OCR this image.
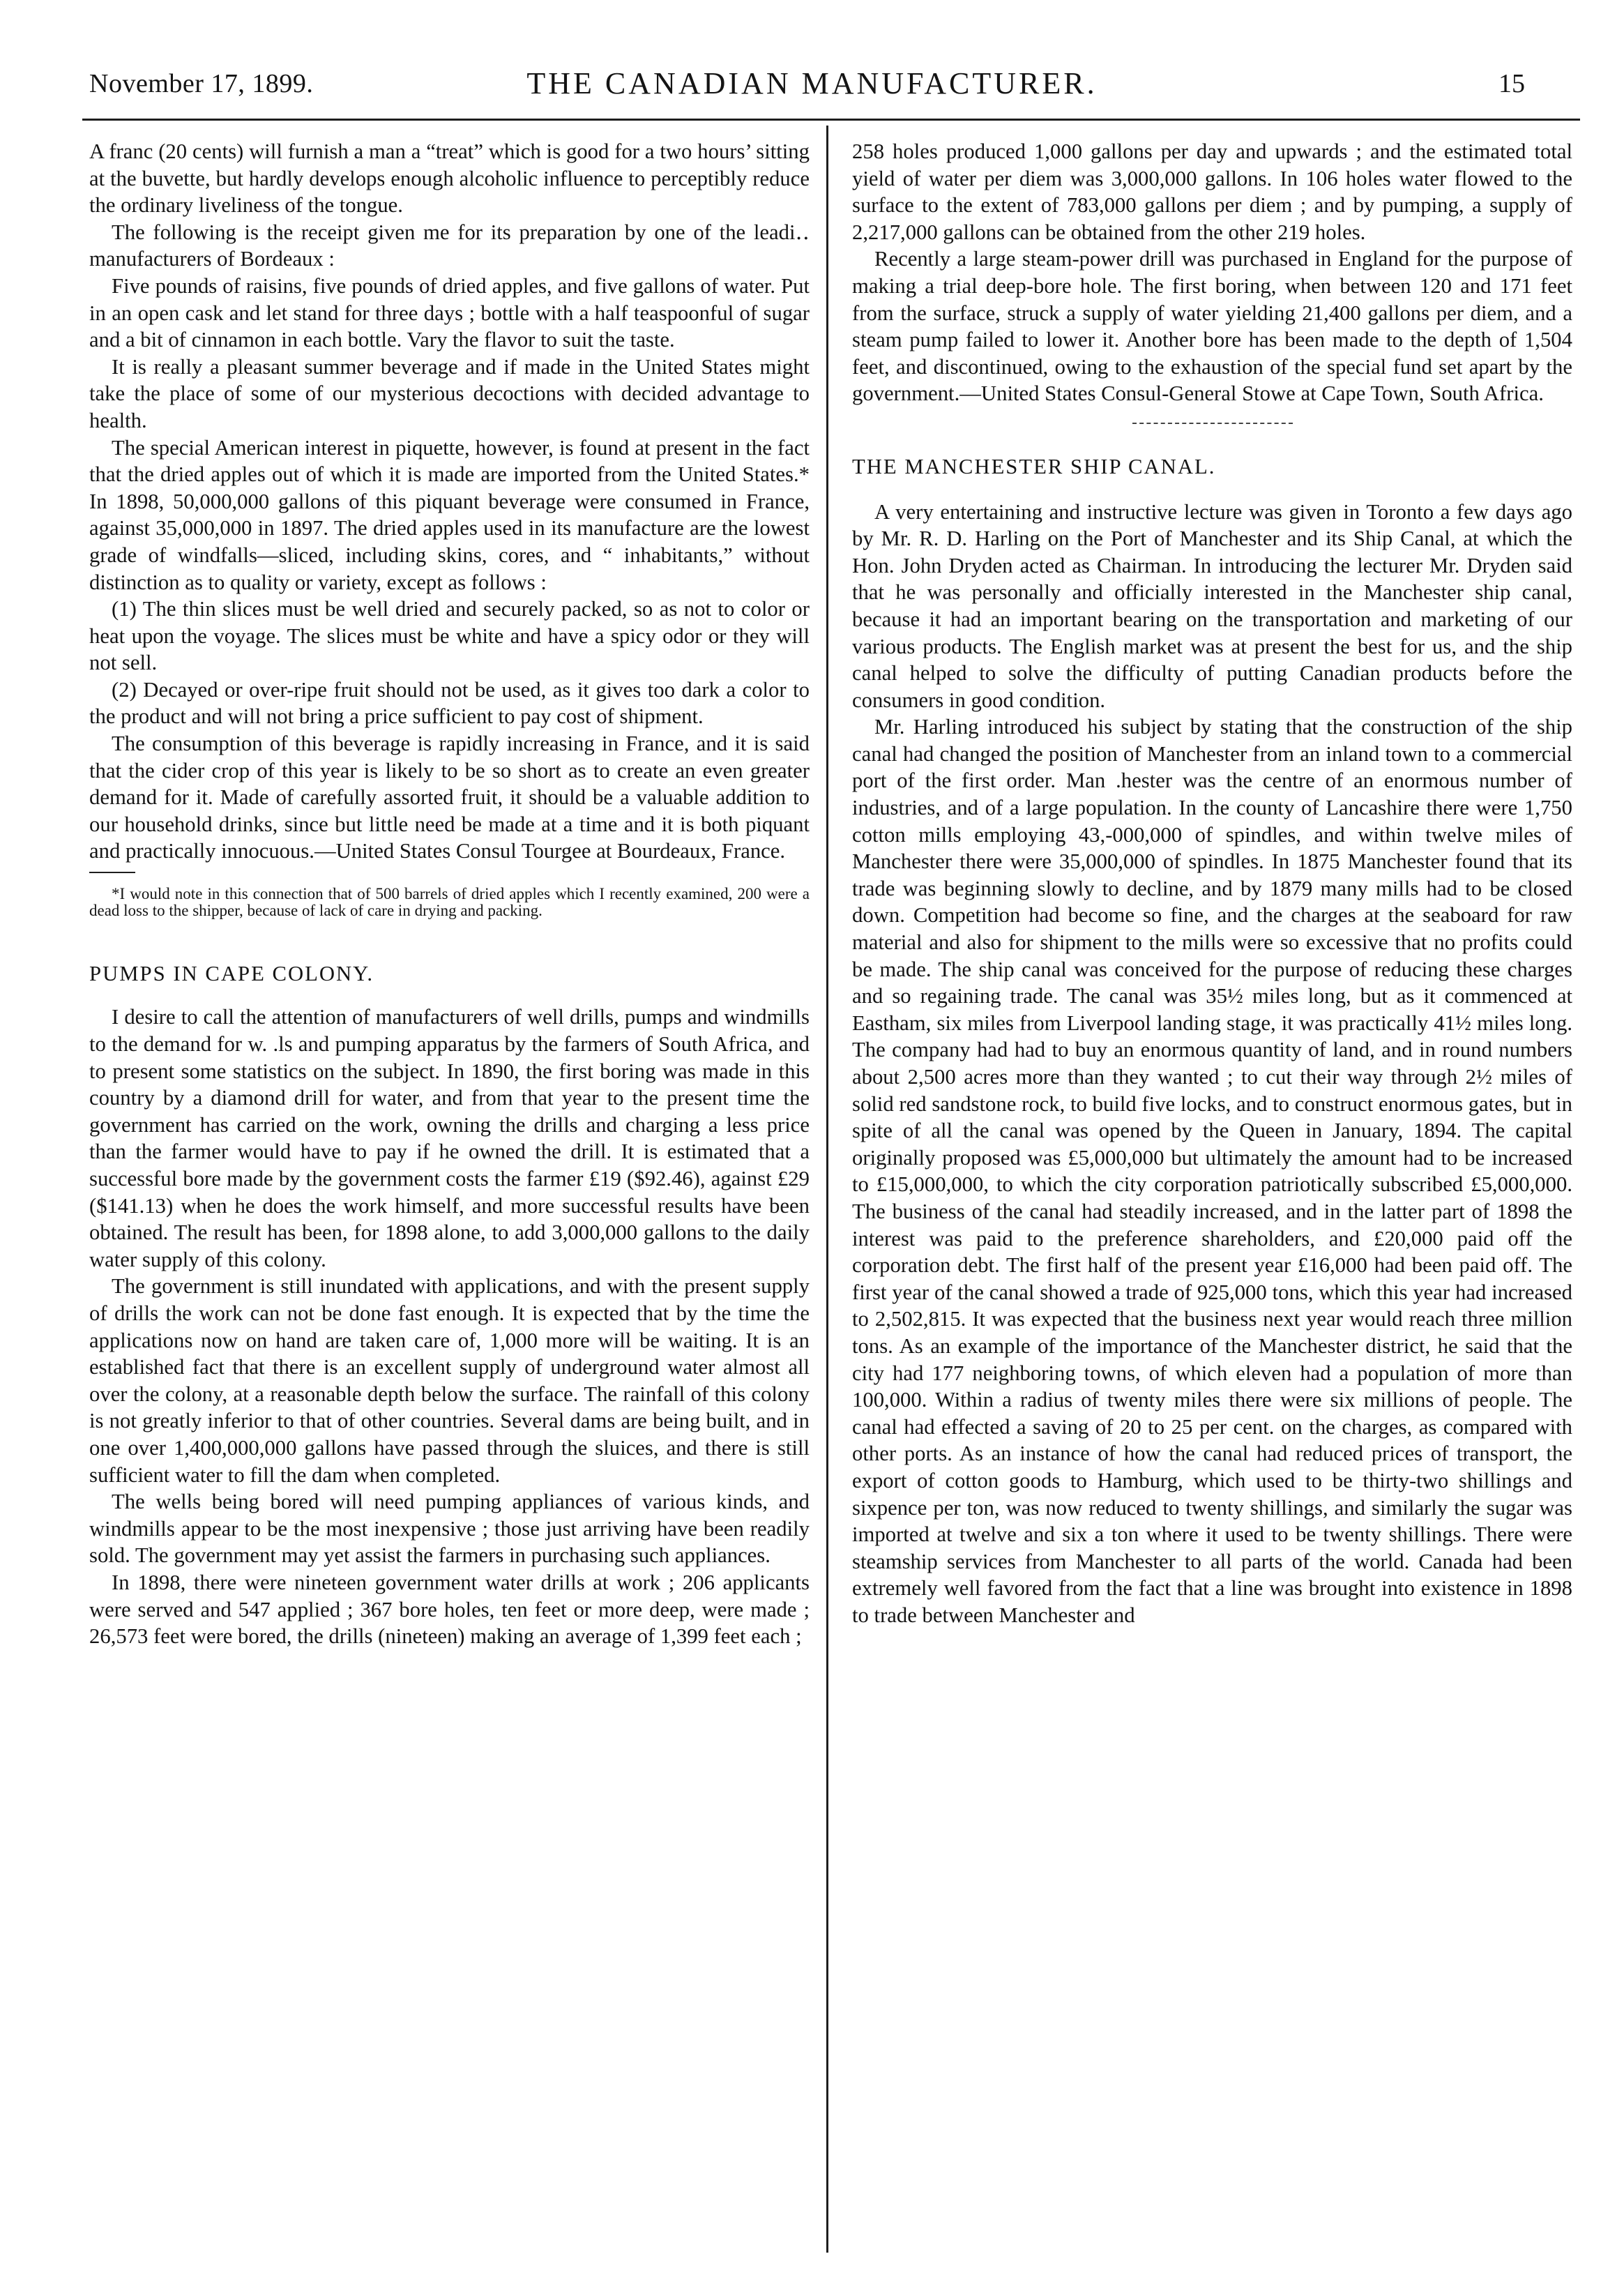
November 17, 1899.	THE CANADIAN MANUFACTURER.	15

A franc (20 cents) will furnish a man a “treat” which is good for a two hours’ sitting at the buvette, but hardly develops enough alcoholic influence to perceptibly reduce the ordinary liveliness of the tongue.

The following is the receipt given me for its preparation by one of the leadi‥ manufacturers of Bordeaux :

Five pounds of raisins, five pounds of dried apples, and five gallons of water. Put in an open cask and let stand for three days ; bottle with a half teaspoonful of sugar and a bit of cinnamon in each bottle. Vary the flavor to suit the taste.

It is really a pleasant summer beverage and if made in the United States might take the place of some of our mysterious decoctions with decided advantage to health.

The special American interest in piquette, however, is found at present in the fact that the dried apples out of which it is made are imported from the United States.* In 1898, 50,000,000 gallons of this piquant beverage were consumed in France, against 35,000,000 in 1897. The dried apples used in its manufacture are the lowest grade of windfalls—sliced, including skins, cores, and “ inhabitants,” without distinction as to quality or variety, except as follows :

(1) The thin slices must be well dried and securely packed, so as not to color or heat upon the voyage. The slices must be white and have a spicy odor or they will not sell.

(2) Decayed or over-ripe fruit should not be used, as it gives too dark a color to the product and will not bring a price sufficient to pay cost of shipment.

The consumption of this beverage is rapidly increasing in France, and it is said that the cider crop of this year is likely to be so short as to create an even greater demand for it. Made of carefully assorted fruit, it should be a valuable addition to our household drinks, since but little need be made at a time and it is both piquant and practically innocuous.—United States Consul Tourgee at Bourdeaux, France.

*I would note in this connection that of 500 barrels of dried apples which I recently examined, 200 were a dead loss to the shipper, because of lack of care in drying and packing.

PUMPS IN CAPE COLONY.

I desire to call the attention of manufacturers of well drills, pumps and windmills to the demand for w. .ls and pumping apparatus by the farmers of South Africa, and to present some statistics on the subject. In 1890, the first boring was made in this country by a diamond drill for water, and from that year to the present time the government has carried on the work, owning the drills and charging a less price than the farmer would have to pay if he owned the drill. It is estimated that a successful bore made by the government costs the farmer £19 ($92.46), against £29 ($141.13) when he does the work himself, and more successful results have been obtained. The result has been, for 1898 alone, to add 3,000,000 gallons to the daily water supply of this colony.

The government is still inundated with applications, and with the present supply of drills the work can not be done fast enough. It is expected that by the time the applications now on hand are taken care of, 1,000 more will be waiting. It is an established fact that there is an excellent supply of underground water almost all over the colony, at a reasonable depth below the surface. The rainfall of this colony is not greatly inferior to that of other countries. Several dams are being built, and in one over 1,400,000,000 gallons have passed through the sluices, and there is still sufficient water to fill the dam when completed.

The wells being bored will need pumping appliances of various kinds, and windmills appear to be the most inexpensive ; those just arriving have been readily sold. The government may yet assist the farmers in purchasing such appliances.

In 1898, there were nineteen government water drills at work ; 206 applicants were served and 547 applied ; 367 bore holes, ten feet or more deep, were made ; 26,573 feet were bored, the drills (nineteen) making an average of 1,399 feet each ;

258 holes produced 1,000 gallons per day and upwards ; and the estimated total yield of water per diem was 3,000,000 gallons. In 106 holes water flowed to the surface to the extent of 783,000 gallons per diem ; and by pumping, a supply of 2,217,000 gallons can be obtained from the other 219 holes.

Recently a large steam-power drill was purchased in England for the purpose of making a trial deep-bore hole. The first boring, when between 120 and 171 feet from the surface, struck a supply of water yielding 21,400 gallons per diem, and a steam pump failed to lower it. Another bore has been made to the depth of 1,504 feet, and discontinued, owing to the exhaustion of the special fund set apart by the government.—United States Consul-General Stowe at Cape Town, South Africa.

THE MANCHESTER SHIP CANAL.

A very entertaining and instructive lecture was given in Toronto a few days ago by Mr. R. D. Harling on the Port of Manchester and its Ship Canal, at which the Hon. John Dryden acted as Chairman. In introducing the lecturer Mr. Dryden said that he was personally and officially interested in the Manchester ship canal, because it had an important bearing on the transportation and marketing of our various products. The English market was at present the best for us, and the ship canal helped to solve the difficulty of putting Canadian products before the consumers in good condition.

Mr. Harling introduced his subject by stating that the construction of the ship canal had changed the position of Manchester from an inland town to a commercial port of the first order. Man .hester was the centre of an enormous number of industries, and of a large population. In the county of Lancashire there were 1,750 cotton mills employing 43,-000,000 of spindles, and within twelve miles of Manchester there were 35,000,000 of spindles. In 1875 Manchester found that its trade was beginning slowly to decline, and by 1879 many mills had to be closed down. Competition had become so fine, and the charges at the seaboard for raw material and also for shipment to the mills were so excessive that no profits could be made. The ship canal was conceived for the purpose of reducing these charges and so regaining trade. The canal was 35½ miles long, but as it commenced at Eastham, six miles from Liverpool landing stage, it was practically 41½ miles long. The company had had to buy an enormous quantity of land, and in round numbers about 2,500 acres more than they wanted ; to cut their way through 2½ miles of solid red sandstone rock, to build five locks, and to construct enormous gates, but in spite of all the canal was opened by the Queen in January, 1894. The capital originally proposed was £5,000,000 but ultimately the amount had to be increased to £15,000,000, to which the city corporation patriotically subscribed £5,000,000. The business of the canal had steadily increased, and in the latter part of 1898 the interest was paid to the preference shareholders, and £20,000 paid off the corporation debt. The first half of the present year £16,000 had been paid off. The first year of the canal showed a trade of 925,000 tons, which this year had increased to 2,502,815. It was expected that the business next year would reach three million tons. As an example of the importance of the Manchester district, he said that the city had 177 neighboring towns, of which eleven had a population of more than 100,000. Within a radius of twenty miles there were six millions of people. The canal had effected a saving of 20 to 25 per cent. on the charges, as compared with other ports. As an instance of how the canal had reduced prices of transport, the export of cotton goods to Hamburg, which used to be thirty-two shillings and sixpence per ton, was now reduced to twenty shillings, and similarly the sugar was imported at twelve and six a ton where it used to be twenty shillings. There were steamship services from Manchester to all parts of the world. Canada had been extremely well favored from the fact that a line was brought into existence in 1898 to trade between Manchester and
